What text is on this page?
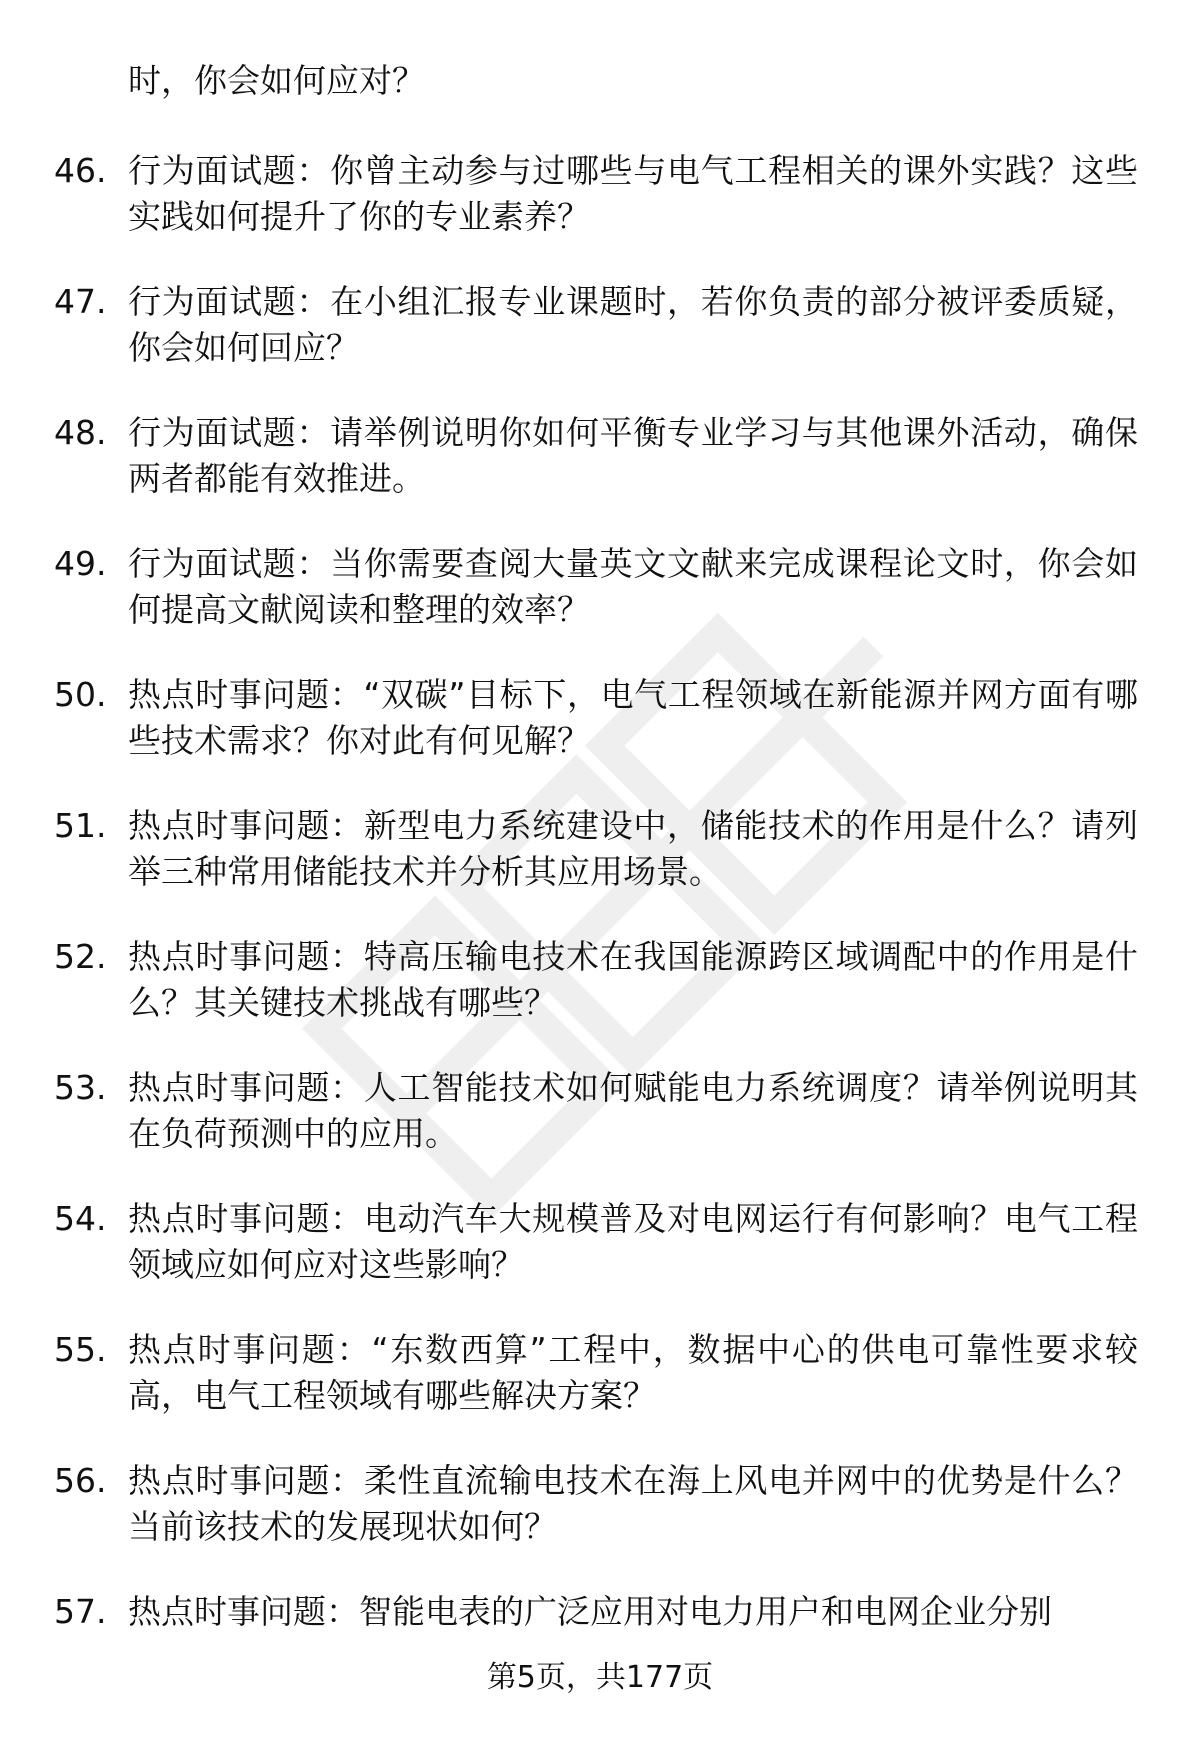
时，你会如何应对？
46. 行为面试题：你曾主动参与过哪些与电气工程相关的课外实践？这些实践如何提升了你的专业素养？
47. 行为面试题：在小组汇报专业课题时，若你负责的部分被评委质疑，你会如何回应？
48. 行为面试题：请举例说明你如何平衡专业学习与其他课外活动，确保两者都能有效推进。
49. 行为面试题：当你需要查阅大量英文文献来完成课程论文时，你会如何提高文献阅读和整理的效率？
50. 热点时事问题：“双碳”目标下，电气工程领域在新能源并网方面有哪些技术需求？你对此有何见解？
51. 热点时事问题：新型电力系统建设中，储能技术的作用是什么？请列举三种常用储能技术并分析其应用场景。
52. 热点时事问题：特高压输电技术在我国能源跨区域调配中的作用是什么？其关键技术挑战有哪些？
53. 热点时事问题：人工智能技术如何赋能电力系统调度？请举例说明其在负荷预测中的应用。
54. 热点时事问题：电动汽车大规模普及对电网运行有何影响？电气工程领域应如何应对这些影响？
55. 热点时事问题：“东数西算”工程中，数据中心的供电可靠性要求较高，电气工程领域有哪些解决方案？
56. 热点时事问题：柔性直流输电技术在海上风电并网中的优势是什么？当前该技术的发展现状如何？
57. 热点时事问题：智能电表的广泛应用对电力用户和电网企业分别
第5页，共177页
